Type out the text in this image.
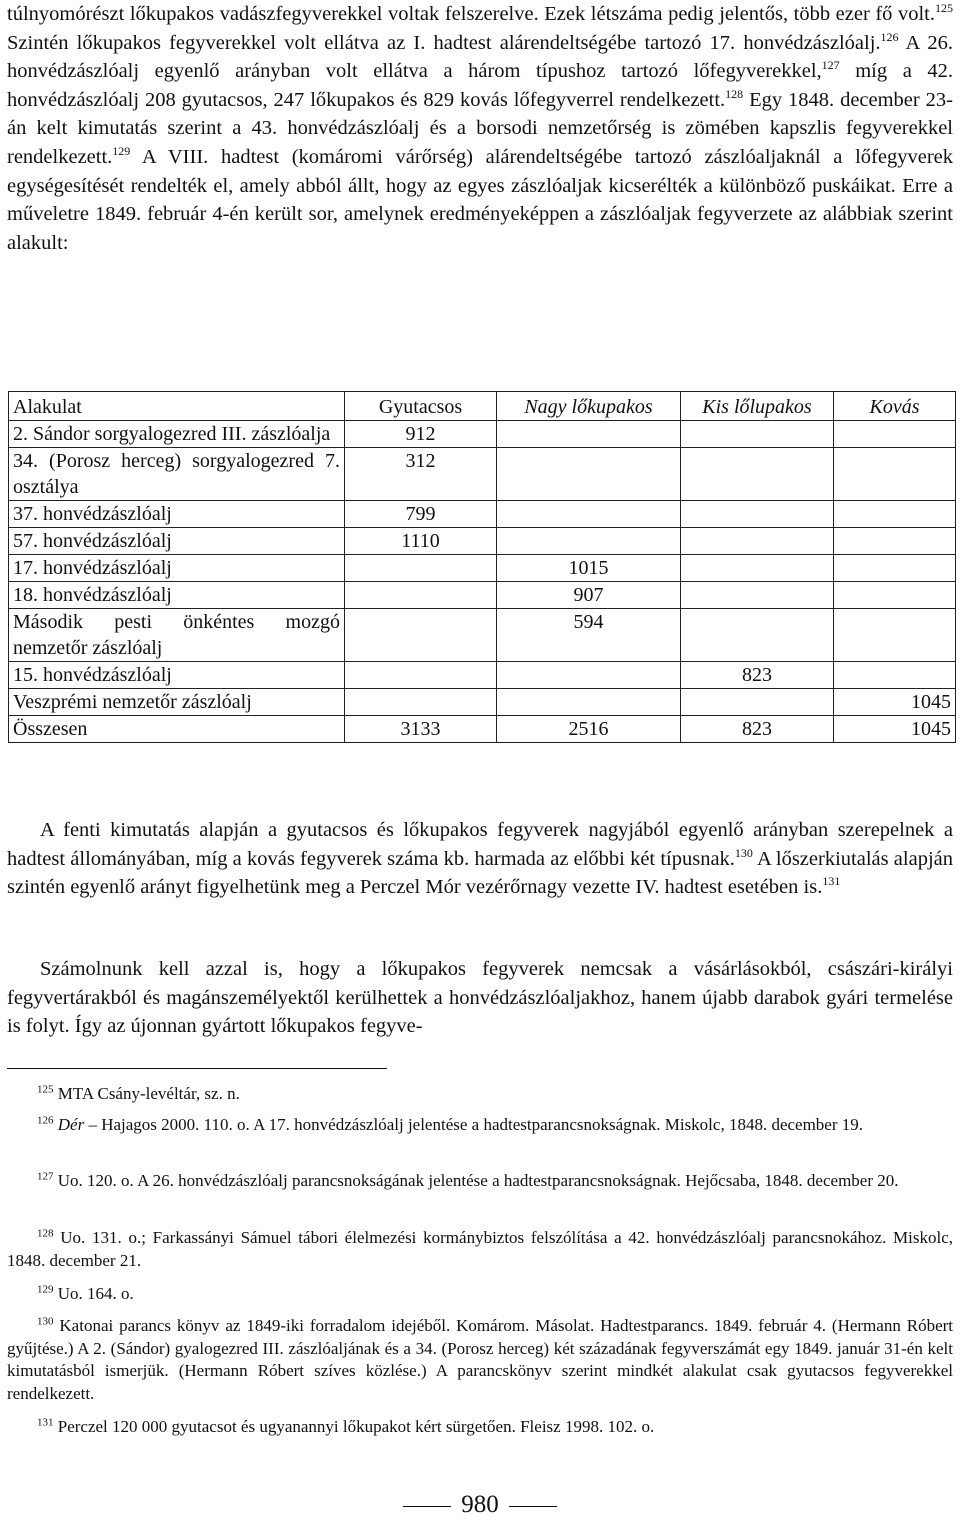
túlnyomórészt lőkupakos vadászfegyverekkel voltak felszerelve. Ezek létszáma pedig jelentős, több ezer fő volt.$^{125}$ Szintén lőkupakos fegyverekkel volt ellátva az I. hadtest alárendeltségébe tartozó 17. honvédzászlóalj.$^{126}$ A 26. honvédzászlóalj egyenlő arányban volt ellátva a három típushoz tartozó lőfegyverekkel,$^{127}$ míg a 42. honvédzászlóalj 208 gyutacsos, 247 lőkupakos és 829 kovás lőfegyverrel rendelkezett.$^{128}$ Egy 1848. december 23-án kelt kimutatás szerint a 43. honvédzászlóalj és a borsodi nemzetőrség is zömében kapszlis fegyverekkel rendelkezett.$^{129}$ A VIII. hadtest (komáromi várőrség) alárendeltségébe tartozó zászlóaljaknál a lőfegyverek egységesítését rendelték el, amely abból állt, hogy az egyes zászlóaljak kicserélték a különböző puskáikat. Erre a műveletre 1849. február 4-én került sor, amelynek eredményeképpen a zászlóaljak fegyverzete az alábbiak szerint alakult:

Alakulat	Gyutacsos	Nagy lőkupakos	Kis lőlupakos	Kovás
2. Sándor sorgyalogezred III. zászlóalja	912			
34. (Porosz herceg) sorgyalogezred 7. osztálya	312			
37. honvédzászlóalj	799			
57. honvédzászlóalj	1110			
17. honvédzászlóalj		1015		
18. honvédzászlóalj		907		
Második pesti önkéntes mozgó nemzetőr zászlóalj		594		
15. honvédzászlóalj			823	
Veszprémi nemzetőr zászlóalj				1045
Összesen	3133	2516	823	1045

A fenti kimutatás alapján a gyutacsos és lőkupakos fegyverek nagyjából egyenlő arányban szerepelnek a hadtest állományában, míg a kovás fegyverek száma kb. harmada az előbbi két típusnak.$^{130}$ A lőszerkiutalás alapján szintén egyenlő arányt figyelhetünk meg a Perczel Mór vezérőrnagy vezette IV. hadtest esetében is.$^{131}$

Számolnunk kell azzal is, hogy a lőkupakos fegyverek nemcsak a vásárlásokból, császári-királyi fegyvertárakból és magánszemélyektől kerülhettek a honvédzászlóaljakhoz, hanem újabb darabok gyári termelése is folyt. Így az újonnan gyártott lőkupakos fegyve-

$^{125}$ MTA Csány-levéltár, sz. n.

$^{126}$ Dér – Hajagos 2000. 110. o. A 17. honvédzászlóalj jelentése a hadtestparancsnokságnak. Miskolc, 1848. december 19.

$^{127}$ Uo. 120. o. A 26. honvédzászlóalj parancsnokságának jelentése a hadtestparancsnokságnak. Hejőcsaba, 1848. december 20.

$^{128}$ Uo. 131. o.; Farkassányi Sámuel tábori élelmezési kormánybiztos felszólítása a 42. honvédzászlóalj parancsnokához. Miskolc, 1848. december 21.

$^{129}$ Uo. 164. o.

$^{130}$ Katonai parancs könyv az 1849-iki forradalom idejéből. Komárom. Másolat. Hadtestparancs. 1849. február 4. (Hermann Róbert gyűjtése.) A 2. (Sándor) gyalogezred III. zászlóaljának és a 34. (Porosz herceg) két századának fegyverszámát egy 1849. január 31-én kelt kimutatásból ismerjük. (Hermann Róbert szíves közlése.) A parancskönyv szerint mindkét alakulat csak gyutacsos fegyverekkel rendelkezett.

$^{131}$ Perczel 120 000 gyutacsot és ugyanannyi lőkupakot kért sürgetően. Fleisz 1998. 102. o.

980
